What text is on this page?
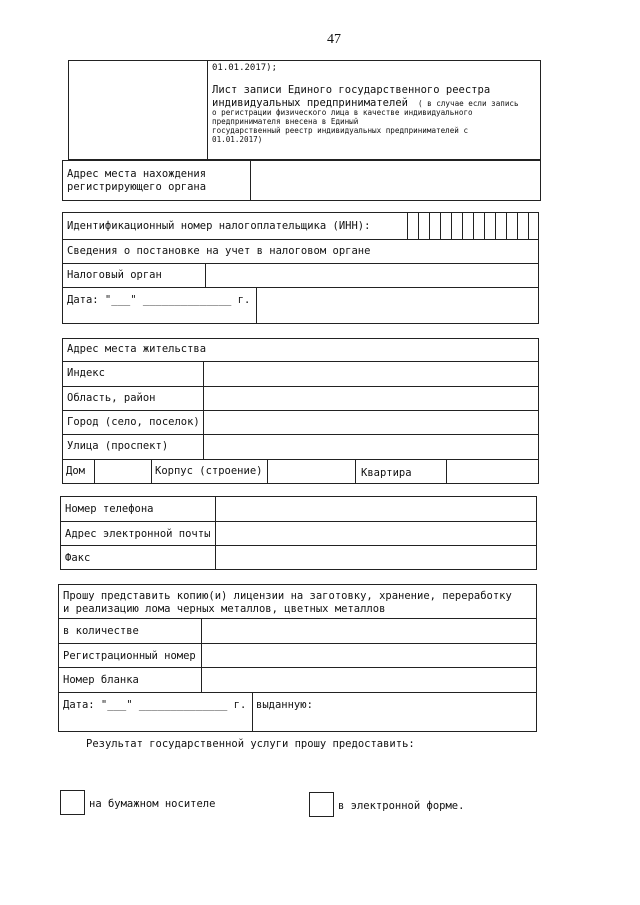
47
01.01.2017);
Лист записи Единого государственного реестра
индивидуальных предпринимателей ( в случае если запись
о регистрации физического лица в качестве индивидуального
предпринимателя внесена в Единый
государственный реестр индивидуальных предпринимателей с
01.01.2017)
Адрес места нахождения
регистрирующего органа
Идентификационный номер налогоплательщика (ИНН):
Сведения о постановке на учет в налоговом органе
Налоговый орган
Дата: "___" ______________ г.
Адрес места жительства
Индекс
Область, район
Город (село, поселок)
Улица (проспект)
Дом	Корпус (строение)	Квартира
Номер телефона
Адрес электронной почты
Факс
Прошу представить копию(и) лицензии на заготовку, хранение, переработку
и реализацию лома черных металлов, цветных металлов
в количестве
Регистрационный номер
Номер бланка
Дата: "___" ______________ г. выданную:
Результат государственной услуги прошу предоставить:
на бумажном носителе	в электронной форме.
